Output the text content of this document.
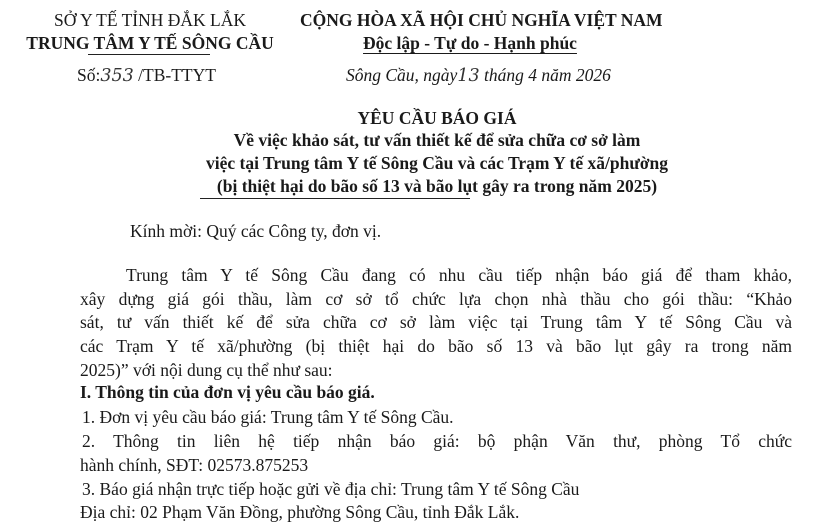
SỞ Y TẾ TỈNH ĐẮK LẮK
TRUNG TÂM Y TẾ SÔNG CẦU
Số:353 /TB-TTYT
CỘNG HÒA XÃ HỘI CHỦ NGHĨA VIỆT NAM
Độc lập - Tự do - Hạnh phúc
Sông Cầu, ngày13 tháng 4 năm 2026
YÊU CẦU BÁO GIÁ
Về việc khảo sát, tư vấn thiết kế để sửa chữa cơ sở làm
việc tại Trung tâm Y tế Sông Cầu và các Trạm Y tế xã/phường
(bị thiệt hại do bão số 13 và bão lụt gây ra trong năm 2025)
Kính mời: Quý các Công ty, đơn vị.
Trung tâm Y tế Sông Cầu đang có nhu cầu tiếp nhận báo giá để tham khảo,
xây dựng giá gói thầu, làm cơ sở tổ chức lựa chọn nhà thầu cho gói thầu: “Khảo
sát, tư vấn thiết kế để sửa chữa cơ sở làm việc tại Trung tâm Y tế Sông Cầu và
các Trạm Y tế xã/phường (bị thiệt hại do bão số 13 và bão lụt gây ra trong năm
2025)” với nội dung cụ thể như sau:
I. Thông tin của đơn vị yêu cầu báo giá.
1. Đơn vị yêu cầu báo giá: Trung tâm Y tế Sông Cầu.
2. Thông tin liên hệ tiếp nhận báo giá: bộ phận Văn thư, phòng Tổ chức
hành chính, SĐT: 02573.875253
3. Báo giá nhận trực tiếp hoặc gửi về địa chỉ: Trung tâm Y tế Sông Cầu
Địa chỉ: 02 Phạm Văn Đồng, phường Sông Cầu, tỉnh Đắk Lắk.
